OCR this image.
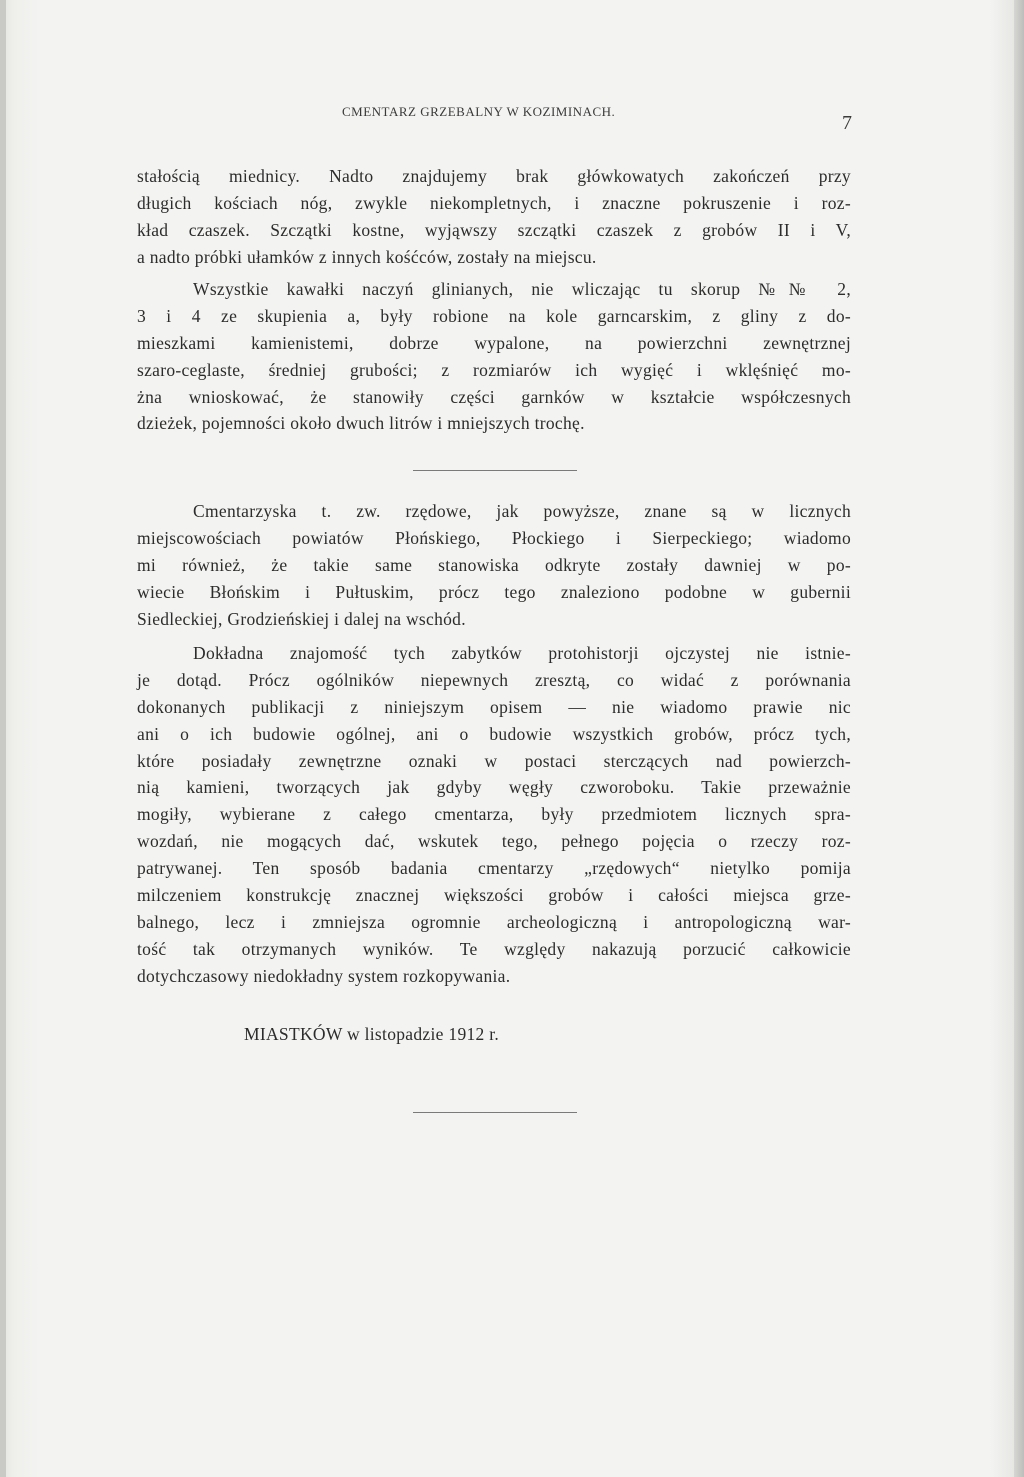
CMENTARZ GRZEBALNY W KOZIMINACH.
7
stałością miednicy. Nadto znajdujemy brak główkowatych zakończeń przy
długich kościach nóg, zwykle niekompletnych, i znaczne pokruszenie i roz-
kład czaszek. Szczątki kostne, wyjąwszy szczątki czaszek z grobów II i V,
a nadto próbki ułamków z innych kośćców, zostały na miejscu.
Wszystkie kawałki naczyń glinianych, nie wliczając tu skorup №№ 2,
3 i 4 ze skupienia a, były robione na kole garncarskim, z gliny z do-
mieszkami kamienistemi, dobrze wypalone, na powierzchni zewnętrznej
szaro-ceglaste, średniej grubości; z rozmiarów ich wygięć i wklęśnięć mo-
żna wnioskować, że stanowiły części garnków w kształcie współczesnych
dzieżek, pojemności około dwuch litrów i mniejszych trochę.
Cmentarzyska t. zw. rzędowe, jak powyższe, znane są w licznych
miejscowościach powiatów Płońskiego, Płockiego i Sierpeckiego; wiadomo
mi również, że takie same stanowiska odkryte zostały dawniej w po-
wiecie Błońskim i Pułtuskim, prócz tego znaleziono podobne w gubernii
Siedleckiej, Grodzieńskiej i dalej na wschód.
Dokładna znajomość tych zabytków protohistorji ojczystej nie istnie-
je dotąd. Prócz ogólników niepewnych zresztą, co widać z porównania
dokonanych publikacji z niniejszym opisem — nie wiadomo prawie nic
ani o ich budowie ogólnej, ani o budowie wszystkich grobów, prócz tych,
które posiadały zewnętrzne oznaki w postaci sterczących nad powierzch-
nią kamieni, tworzących jak gdyby węgły czworoboku. Takie przeważnie
mogiły, wybierane z całego cmentarza, były przedmiotem licznych spra-
wozdań, nie mogących dać, wskutek tego, pełnego pojęcia o rzeczy roz-
patrywanej. Ten sposób badania cmentarzy „rzędowych“ nietylko pomija
milczeniem konstrukcję znacznej większości grobów i całości miejsca grze-
balnego, lecz i zmniejsza ogromnie archeologiczną i antropologiczną war-
tość tak otrzymanych wyników. Te względy nakazują porzucić całkowicie
dotychczasowy niedokładny system rozkopywania.
MIASTKÓW w listopadzie 1912 r.
